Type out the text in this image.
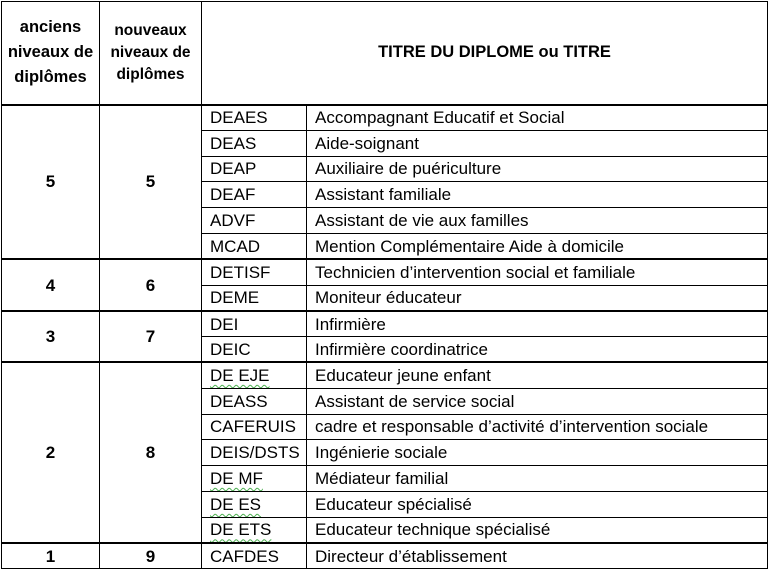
anciens niveaux de diplômes	nouveaux niveaux de diplômes	TITRE DU DIPLOME ou TITRE	
5	5	DEAES	Accompagnant Educatif et Social
		DEAS	Aide-soignant
		DEAP	Auxiliaire de puériculture
		DEAF	Assistant familiale
		ADVF	Assistant de vie aux familles
		MCAD	Mention Complémentaire Aide à domicile
4	6	DETISF	Technicien d’intervention social et familiale
		DEME	Moniteur éducateur
3	7	DEI	Infirmière
		DEIC	Infirmière coordinatrice
2	8	DE EJE	Educateur jeune enfant
		DEASS	Assistant de service social
		CAFERUIS	cadre et responsable d’activité d’intervention sociale
		DEIS/DSTS	Ingénierie sociale
		DE MF	Médiateur familial
		DE ES	Educateur spécialisé
		DE ETS	Educateur technique spécialisé
1	9	CAFDES	Directeur d’établissement
